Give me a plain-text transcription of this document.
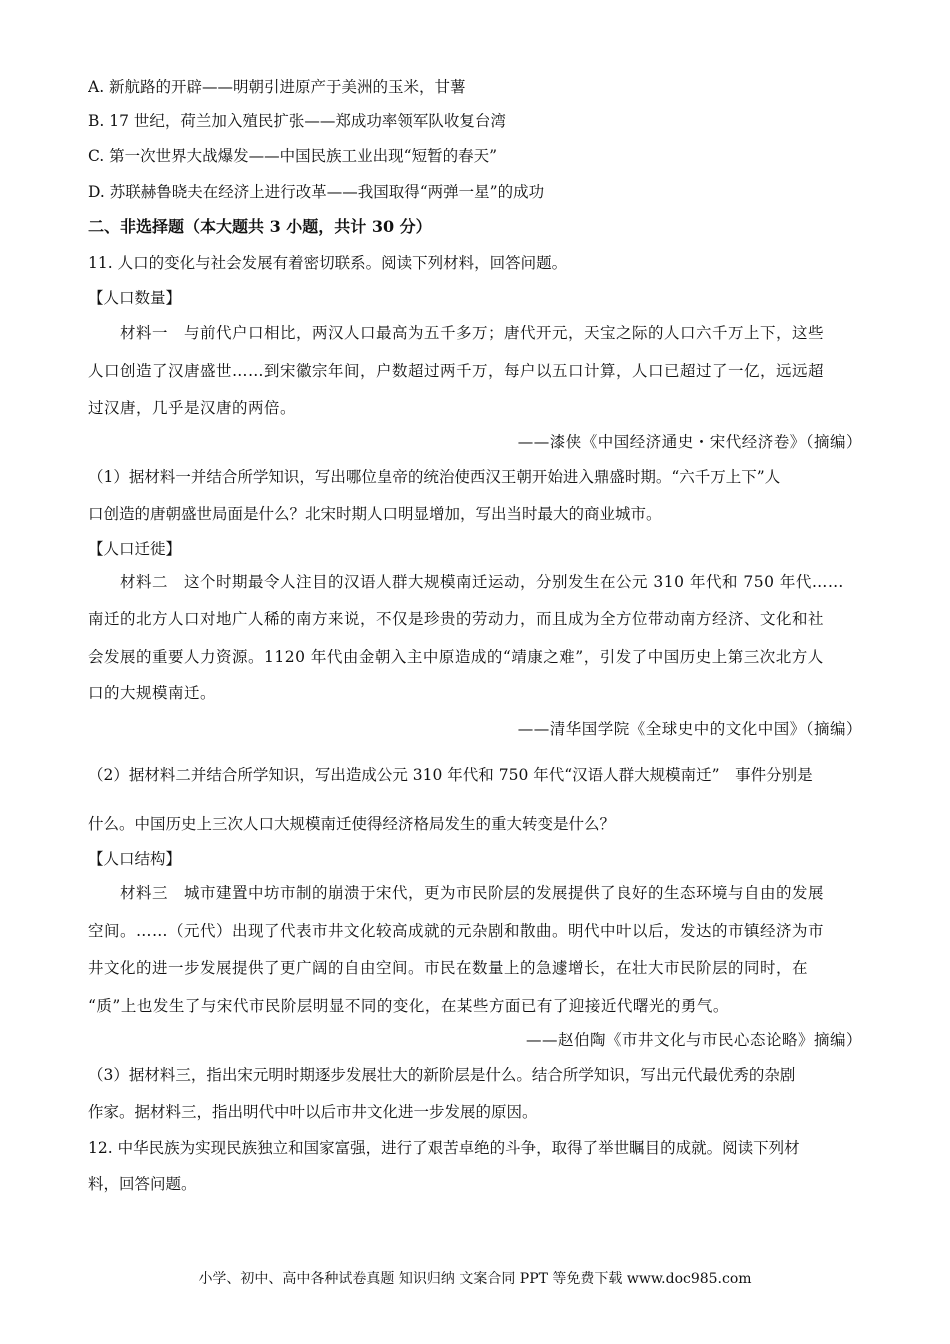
A. 新航路的开辟——明朝引进原产于美洲的玉米，甘薯
B. 17 世纪，荷兰加入殖民扩张——郑成功率领军队收复台湾
C. 第一次世界大战爆发——中国民族工业出现“短暂的春天”
D. 苏联赫鲁晓夫在经济上进行改革——我国取得“两弹一星”的成功
二、非选择题（本大题共 3 小题，共计 30 分）
11. 人口的变化与社会发展有着密切联系。阅读下列材料，回答问题。
【人口数量】
材料一　与前代户口相比，两汉人口最高为五千多万；唐代开元，天宝之际的人口六千万上下，这些
人口创造了汉唐盛世……到宋徽宗年间，户数超过两千万，每户以五口计算，人口已超过了一亿，远远超
过汉唐，几乎是汉唐的两倍。
——漆侠《中国经济通史・宋代经济卷》（摘编）
（1）据材料一并结合所学知识，写出哪位皇帝的统治使西汉王朝开始进入鼎盛时期。“六千万上下”人
口创造的唐朝盛世局面是什么？北宋时期人口明显增加，写出当时最大的商业城市。
【人口迁徙】
材料二　这个时期最令人注目的汉语人群大规模南迁运动，分别发生在公元 310 年代和 750 年代……
南迁的北方人口对地广人稀的南方来说，不仅是珍贵的劳动力，而且成为全方位带动南方经济、文化和社
会发展的重要人力资源。1120 年代由金朝入主中原造成的“靖康之难”，引发了中国历史上第三次北方人
口的大规模南迁。
——清华国学院《全球史中的文化中国》（摘编）
（2）据材料二并结合所学知识，写出造成公元 310 年代和 750 年代“汉语人群大规模南迁”　事件分别是
什么。中国历史上三次人口大规模南迁使得经济格局发生的重大转变是什么？
【人口结构】
材料三　城市建置中坊市制的崩溃于宋代，更为市民阶层的发展提供了良好的生态环境与自由的发展
空间。……（元代）出现了代表市井文化较高成就的元杂剧和散曲。明代中叶以后，发达的市镇经济为市
井文化的进一步发展提供了更广阔的自由空间。市民在数量上的急遽增长，在壮大市民阶层的同时，在
“质”上也发生了与宋代市民阶层明显不同的变化，在某些方面已有了迎接近代曙光的勇气。
——赵伯陶《市井文化与市民心态论略》摘编）
（3）据材料三，指出宋元明时期逐步发展壮大的新阶层是什么。结合所学知识，写出元代最优秀的杂剧
作家。据材料三，指出明代中叶以后市井文化进一步发展的原因。
12. 中华民族为实现民族独立和国家富强，进行了艰苦卓绝的斗争，取得了举世瞩目的成就。阅读下列材
料，回答问题。
小学、初中、高中各种试卷真题 知识归纳 文案合同 PPT 等免费下载 www.doc985.com
